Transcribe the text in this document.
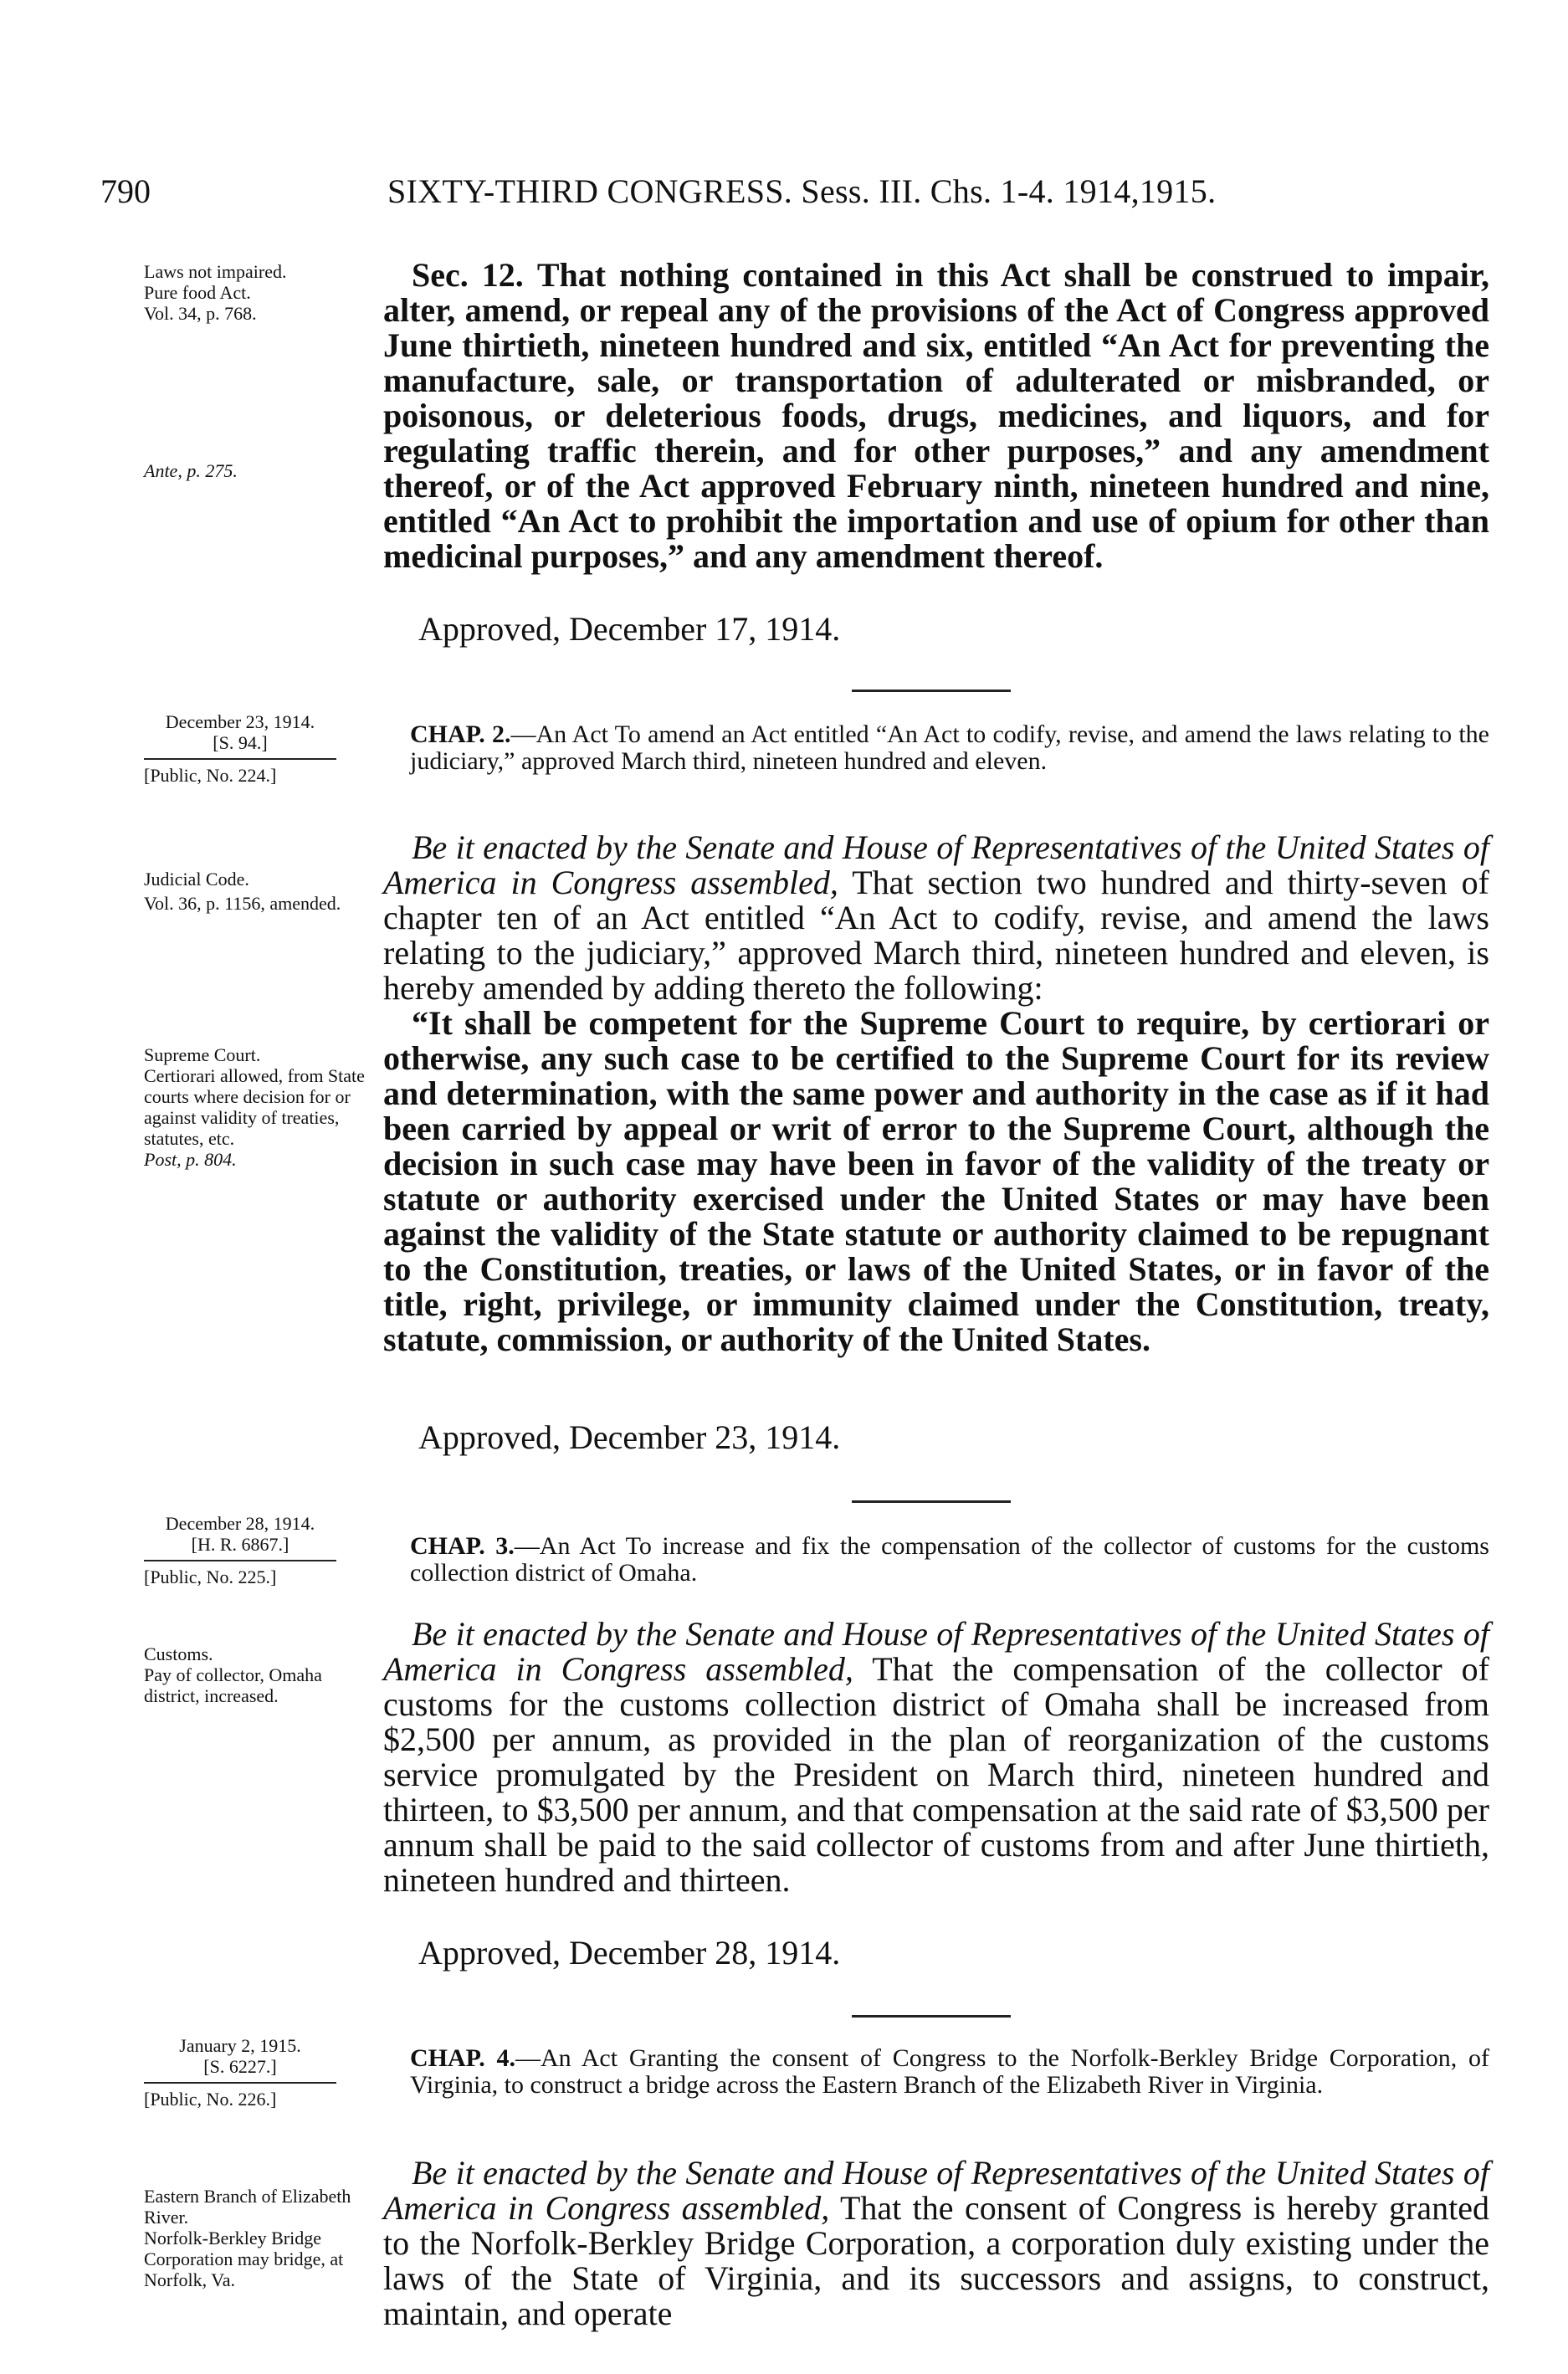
790	SIXTY-THIRD CONGRESS. Sess. III. Chs. 1-4. 1914,1915.
Laws not impaired.
Pure food Act.
Vol. 34, p. 768.
Ante, p. 275.

Sec. 12. That nothing contained in this Act shall be construed to impair, alter, amend, or repeal any of the provisions of the Act of Congress approved June thirtieth, nineteen hundred and six, entitled “An Act for preventing the manufacture, sale, or transportation of adulterated or misbranded, or poisonous, or deleterious foods, drugs, medicines, and liquors, and for regulating traffic therein, and for other purposes,” and any amendment thereof, or of the Act approved February ninth, nineteen hundred and nine, entitled “An Act to prohibit the importation and use of opium for other than medicinal purposes,” and any amendment thereof.

Approved, December 17, 1914.
December 23, 1914.
[S. 94.]
[Public, No. 224.]
CHAP. 2.—An Act To amend an Act entitled “An Act to codify, revise, and amend the laws relating to the judiciary,” approved March third, nineteen hundred and eleven.
Judicial Code.
Vol. 36, p. 1156, amended.
Supreme Court.
Certiorari allowed, from State courts where decision for or against validity of treaties, statutes, etc.
Post, p. 804.

Be it enacted by the Senate and House of Representatives of the United States of America in Congress assembled, That section two hundred and thirty-seven of chapter ten of an Act entitled “An Act to codify, revise, and amend the laws relating to the judiciary,” approved March third, nineteen hundred and eleven, is hereby amended by adding thereto the following:

“It shall be competent for the Supreme Court to require, by certiorari or otherwise, any such case to be certified to the Supreme Court for its review and determination, with the same power and authority in the case as if it had been carried by appeal or writ of error to the Supreme Court, although the decision in such case may have been in favor of the validity of the treaty or statute or authority exercised under the United States or may have been against the validity of the State statute or authority claimed to be repugnant to the Constitution, treaties, or laws of the United States, or in favor of the title, right, privilege, or immunity claimed under the Constitution, treaty, statute, commission, or authority of the United States.

Approved, December 23, 1914.
December 28, 1914.
[H. R. 6867.]
[Public, No. 225.]
CHAP. 3.—An Act To increase and fix the compensation of the collector of customs for the customs collection district of Omaha.
Customs.
Pay of collector, Omaha district, increased.

Be it enacted by the Senate and House of Representatives of the United States of America in Congress assembled, That the compensation of the collector of customs for the customs collection district of Omaha shall be increased from $2,500 per annum, as provided in the plan of reorganization of the customs service promulgated by the President on March third, nineteen hundred and thirteen, to $3,500 per annum, and that compensation at the said rate of $3,500 per annum shall be paid to the said collector of customs from and after June thirtieth, nineteen hundred and thirteen.

Approved, December 28, 1914.
January 2, 1915.
[S. 6227.]
[Public, No. 226.]
CHAP. 4.—An Act Granting the consent of Congress to the Norfolk-Berkley Bridge Corporation, of Virginia, to construct a bridge across the Eastern Branch of the Elizabeth River in Virginia.
Eastern Branch of Elizabeth River.
Norfolk-Berkley Bridge Corporation may bridge, at Norfolk, Va.

Be it enacted by the Senate and House of Representatives of the United States of America in Congress assembled, That the consent of Congress is hereby granted to the Norfolk-Berkley Bridge Corporation, a corporation duly existing under the laws of the State of Virginia, and its successors and assigns, to construct, maintain, and operate
